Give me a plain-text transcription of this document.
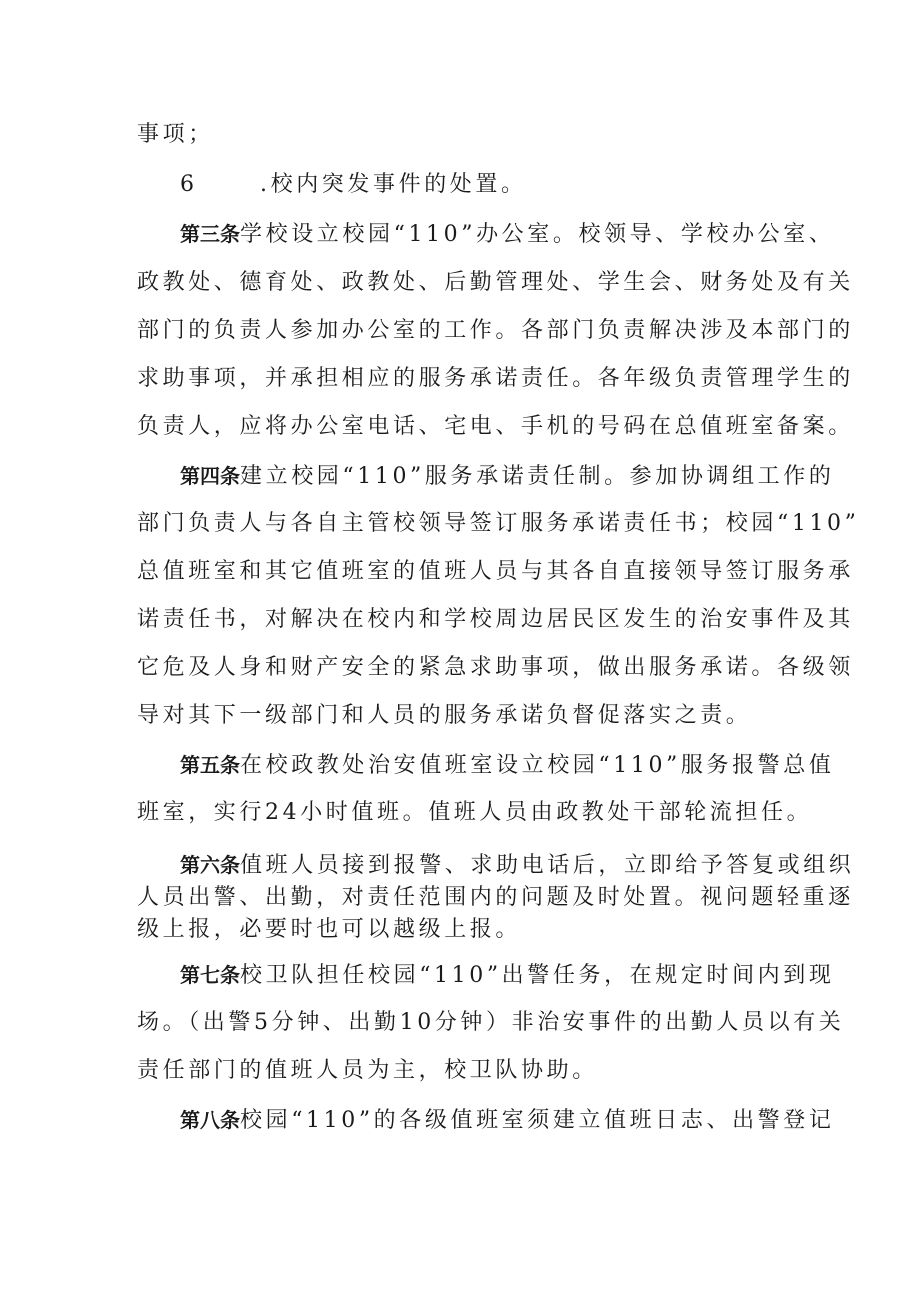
事项；
6	.校内突发事件的处置。
第三条学校设立校园“110”办公室。校领导、学校办公室、
政教处、德育处、政教处、后勤管理处、学生会、财务处及有关
部门的负责人参加办公室的工作。各部门负责解决涉及本部门的
求助事项，并承担相应的服务承诺责任。各年级负责管理学生的
负责人，应将办公室电话、宅电、手机的号码在总值班室备案。
第四条建立校园“110”服务承诺责任制。参加协调组工作的
部门负责人与各自主管校领导签订服务承诺责任书；校园“110”
总值班室和其它值班室的值班人员与其各自直接领导签订服务承
诺责任书，对解决在校内和学校周边居民区发生的治安事件及其
它危及人身和财产安全的紧急求助事项，做出服务承诺。各级领
导对其下一级部门和人员的服务承诺负督促落实之责。
第五条在校政教处治安值班室设立校园“110”服务报警总值
班室，实行24小时值班。值班人员由政教处干部轮流担任。
第六条值班人员接到报警、求助电话后，立即给予答复或组织
人员出警、出勤，对责任范围内的问题及时处置。视问题轻重逐
级上报，必要时也可以越级上报。
第七条校卫队担任校园“110”出警任务，在规定时间内到现
场。（出警5分钟、出勤10分钟）非治安事件的出勤人员以有关
责任部门的值班人员为主，校卫队协助。
第八条校园“110”的各级值班室须建立值班日志、出警登记
